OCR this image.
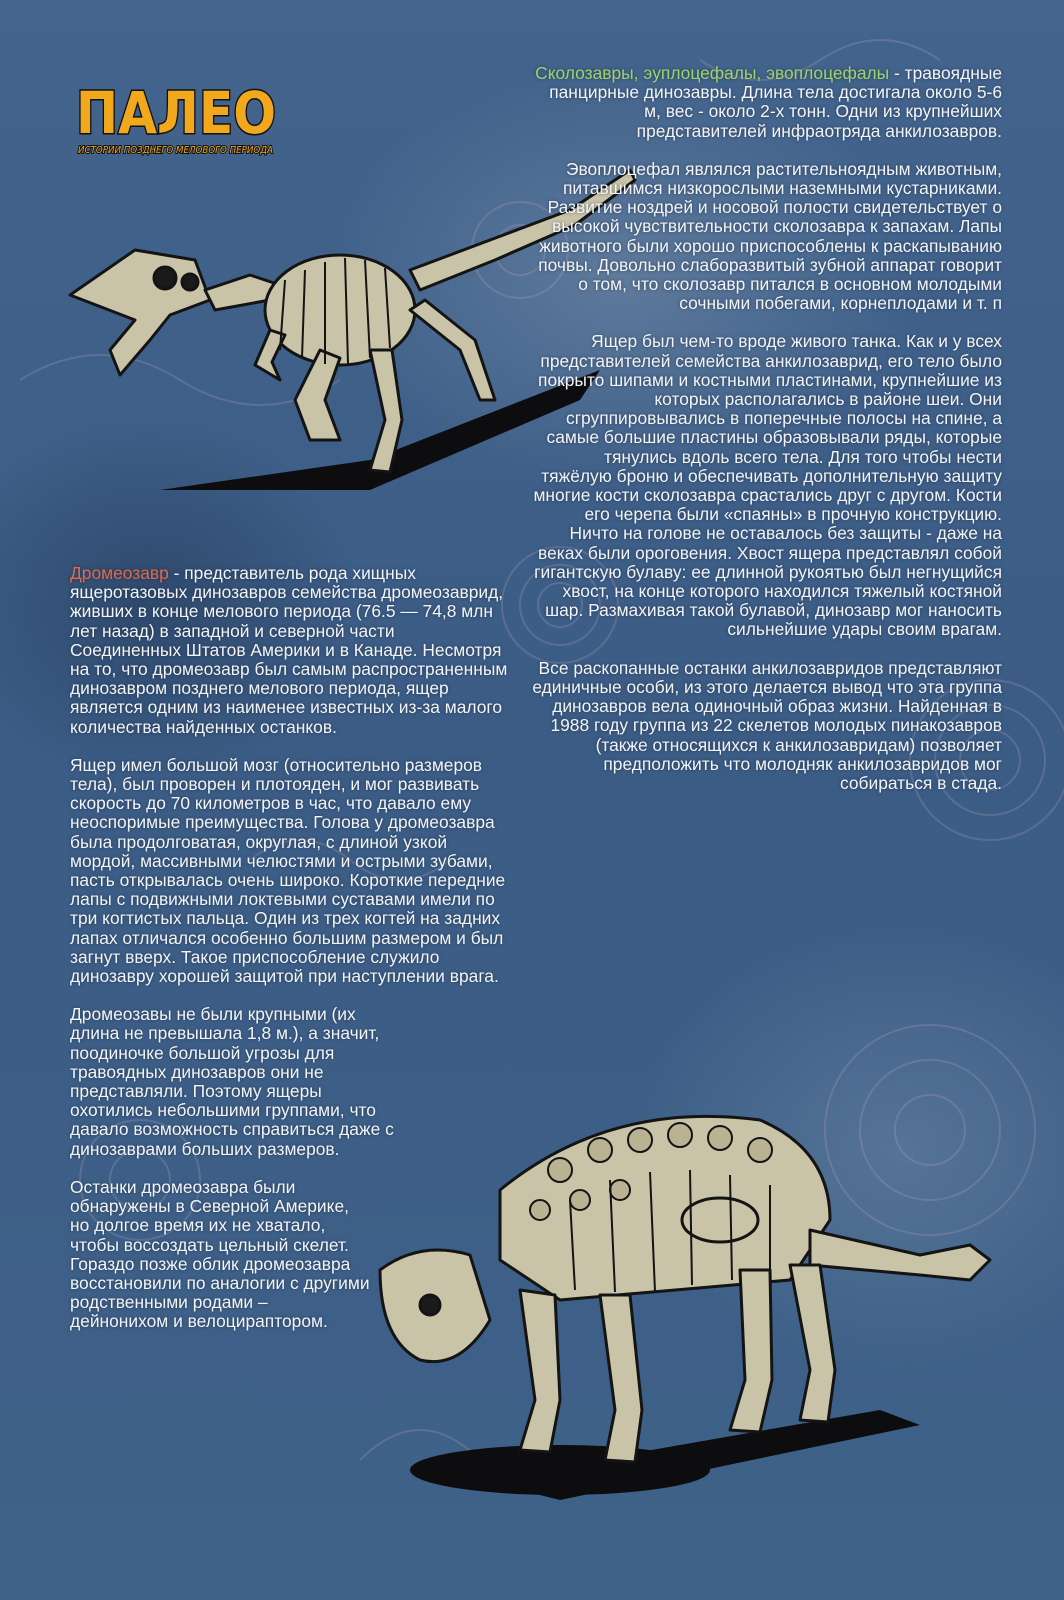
ПАЛЕО
ИСТОРИИ ПОЗДНЕГО МЕЛОВОГО ПЕРИОДА

Сколозавры, эуплоцефалы, эвоплоцефалы - травоядные панцирные динозавры. Длина тела достигала около 5-6 м, вес - около 2-х тонн. Одни из крупнейших представителей инфраотряда анкилозавров.

Эвоплоцефал являлся растительноядным животным, питавшимся низкорослыми наземными кустарниками. Развитие ноздрей и носовой полости свидетельствует о высокой чувствительности сколозавра к запахам. Лапы животного были хорошо приспособлены к раскапыванию почвы. Довольно слаборазвитый зубной аппарат говорит о том, что сколозавр питался в основном молодыми сочными побегами, корнеплодами и т. п

Ящер был чем-то вроде живого танка. Как и у всех представителей семейства анкилозаврид, его тело было покрыто шипами и костными пластинами, крупнейшие из которых располагались в районе шеи. Они сгруппировывались в поперечные полосы на спине, а самые большие пластины образовывали ряды, которые тянулись вдоль всего тела. Для того чтобы нести тяжёлую броню и обеспечивать дополнительную защиту многие кости сколозавра срастались друг с другом. Кости его черепа были «спаяны» в прочную конструкцию. Ничто на голове не оставалось без защиты - даже на веках были ороговения. Хвост ящера представлял собой гигантскую булаву: ее длинной рукоятью был негнущийся хвост, на конце которого находился тяжелый костяной шар. Размахивая такой булавой, динозавр мог наносить сильнейшие удары своим врагам.

Все раскопанные останки анкилозавридов представляют единичные особи, из этого делается вывод что эта группа динозавров вела одиночный образ жизни. Найденная в 1988 году группа из 22 скелетов молодых пинакозавров (также относящихся к анкилозавридам) позволяет предположить что молодняк анкилозавридов мог собираться в стада.

Дромеозавр - представитель рода хищных ящеротазовых динозавров семейства дромеозаврид, живших в конце мелового периода (76.5 — 74,8 млн лет назад) в западной и северной части Соединенных Штатов Америки и в Канаде. Несмотря на то, что дромеозавр был самым распространенным динозавром позднего мелового периода, ящер является одним из наименее известных из-за малого количества найденных останков.

Ящер имел большой мозг (относительно размеров тела), был проворен и плотояден, и мог развивать скорость до 70 километров в час, что давало ему неоспоримые преимущества. Голова у дромеозавра была продолговатая, округлая, с длиной узкой мордой, массивными челюстями и острыми зубами, пасть открывалась очень широко. Короткие передние лапы с подвижными локтевыми суставами имели по три когтистых пальца. Один из трех когтей на задних лапах отличался особенно большим размером и был загнут вверх. Такое приспособление служило динозавру хорошей защитой при наступлении врага.

Дромеозавы не были крупными (их длина не превышала 1,8 м.), а значит, поодиночке большой угрозы для травоядных динозавров они не представляли. Поэтому ящеры охотились небольшими группами, что давало возможность справиться даже с динозаврами больших размеров.

Останки дромеозавра были обнаружены в Северной Америке, но долгое время их не хватало, чтобы воссоздать цельный скелет. Гораздо позже облик дромеозавра восстановили по аналогии с другими родственными родами – дейнонихом и велоцираптором.
